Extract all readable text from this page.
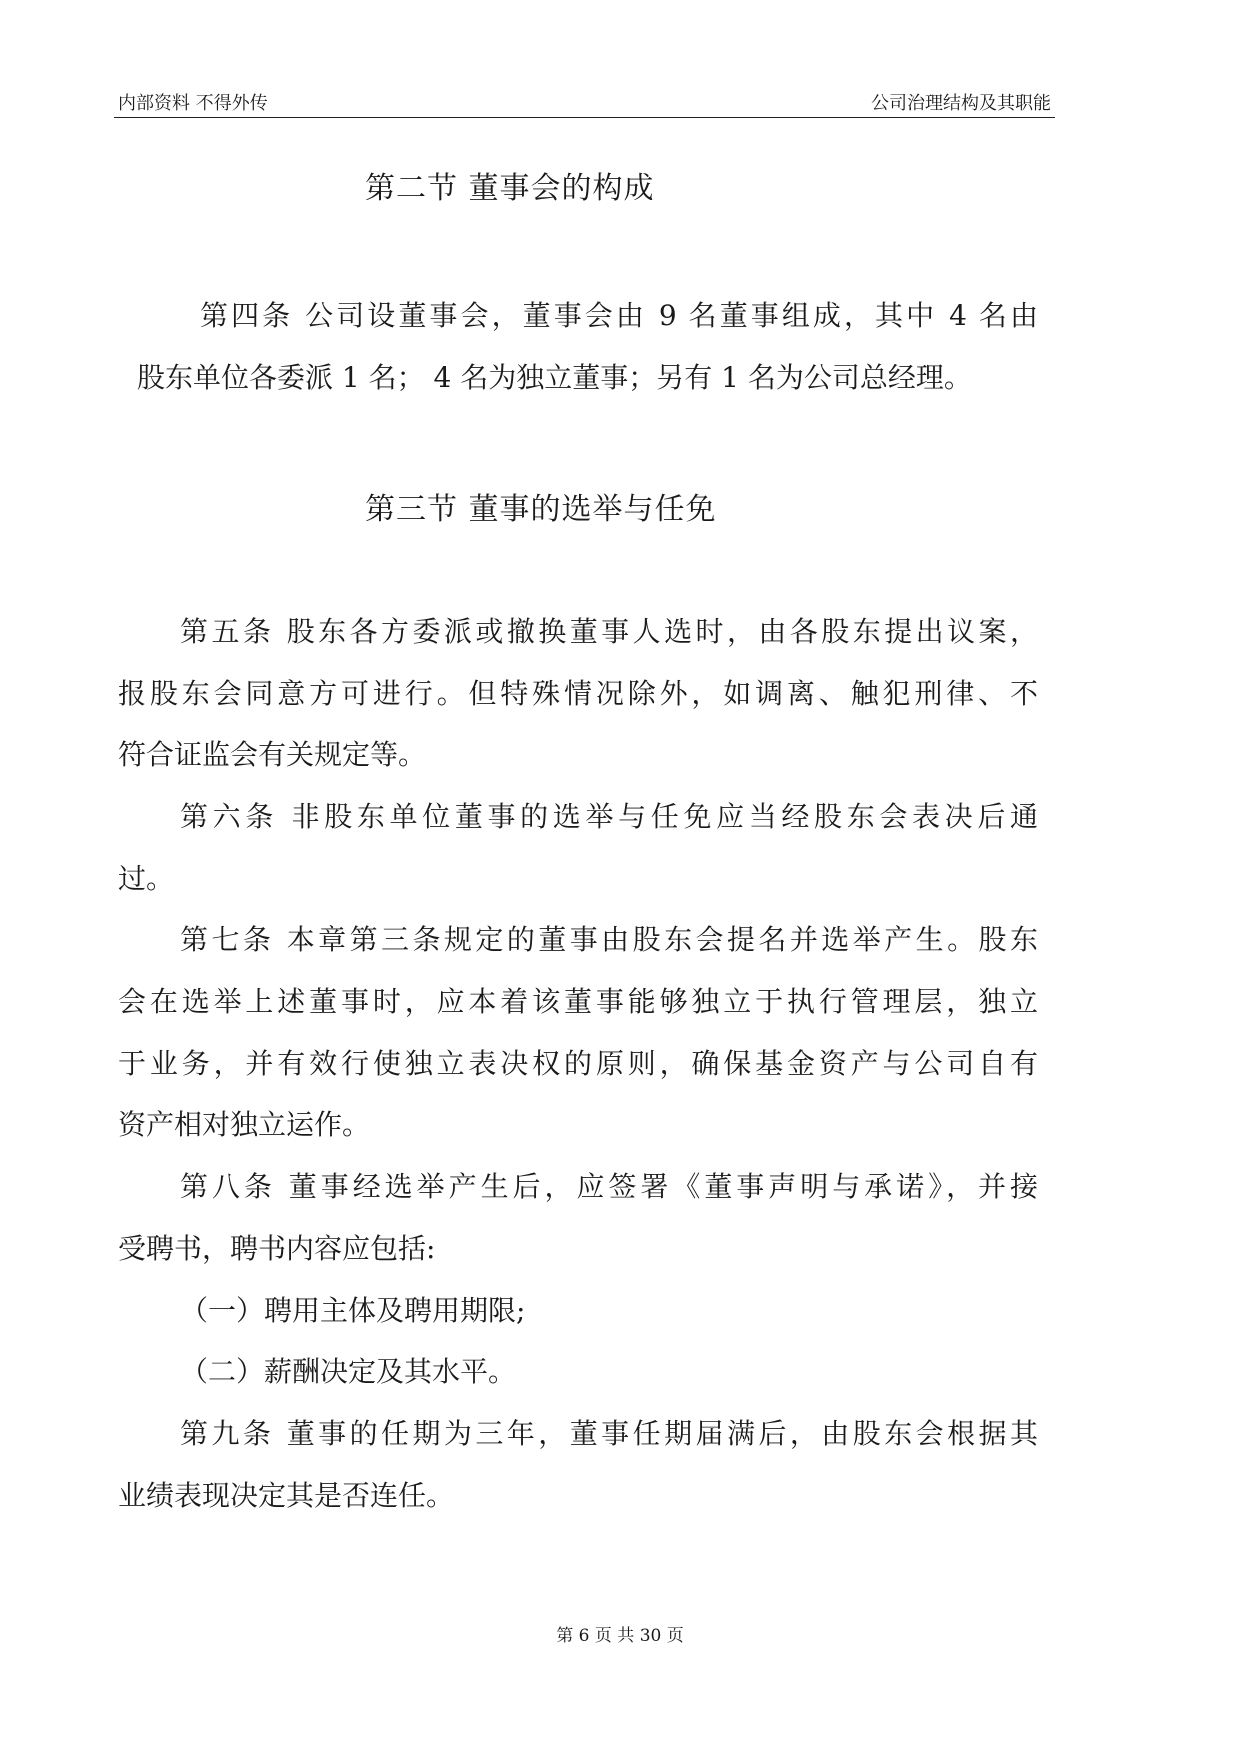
内部资料 不得外传	公司治理结构及其职能
第二节 董事会的构成
第四条 公司设董事会，董事会由 9 名董事组成，其中 4 名由
股东单位各委派 1 名； 4 名为独立董事；另有 1 名为公司总经理。
第三节 董事的选举与任免
第五条 股东各方委派或撤换董事人选时，由各股东提出议案，
报股东会同意方可进行。但特殊情况除外，如调离、触犯刑律、不
符合证监会有关规定等。
第六条 非股东单位董事的选举与任免应当经股东会表决后通
过。
第七条 本章第三条规定的董事由股东会提名并选举产生。股东
会在选举上述董事时，应本着该董事能够独立于执行管理层，独立
于业务，并有效行使独立表决权的原则，确保基金资产与公司自有
资产相对独立运作。
第八条 董事经选举产生后，应签署《董事声明与承诺》，并接
受聘书，聘书内容应包括:
（一）聘用主体及聘用期限;
（二）薪酬决定及其水平。
第九条 董事的任期为三年，董事任期届满后，由股东会根据其
业绩表现决定其是否连任。
第 6 页 共 30 页
